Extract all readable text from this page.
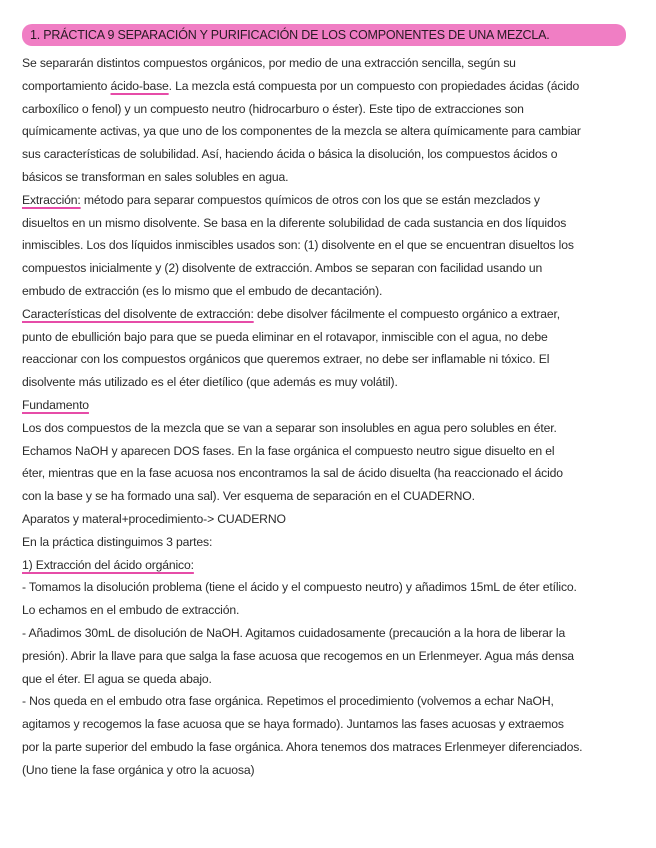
1. PRÁCTICA 9 SEPARACIÓN Y PURIFICACIÓN DE LOS COMPONENTES DE UNA MEZCLA.
Se separarán distintos compuestos orgánicos, por medio de una extracción sencilla, según su
comportamiento ácido-base. La mezcla está compuesta por un compuesto con propiedades ácidas (ácido
carboxílico o fenol) y un compuesto neutro (hidrocarburo o éster). Este tipo de extracciones son
químicamente activas, ya que uno de los componentes de la mezcla se altera químicamente para cambiar
sus características de solubilidad. Así, haciendo ácida o básica la disolución, los compuestos ácidos o
básicos se transforman en sales solubles en agua.
Extracción: método para separar compuestos químicos de otros con los que se están mezclados y
disueltos en un mismo disolvente. Se basa en la diferente solubilidad de cada sustancia en dos líquidos
inmiscibles. Los dos líquidos inmiscibles usados son: (1) disolvente en el que se encuentran disueltos los
compuestos inicialmente y (2) disolvente de extracción. Ambos se separan con facilidad usando un
embudo de extracción (es lo mismo que el embudo de decantación).
Características del disolvente de extracción: debe disolver fácilmente el compuesto orgánico a extraer,
punto de ebullición bajo para que se pueda eliminar en el rotavapor, inmiscible con el agua, no debe
reaccionar con los compuestos orgánicos que queremos extraer, no debe ser inflamable ni tóxico. El
disolvente más utilizado es el éter dietílico (que además es muy volátil).
Fundamento
Los dos compuestos de la mezcla que se van a separar son insolubles en agua pero solubles en éter.
Echamos NaOH y aparecen DOS fases. En la fase orgánica el compuesto neutro sigue disuelto en el
éter, mientras que en la fase acuosa nos encontramos la sal de ácido disuelta (ha reaccionado el ácido
con la base y se ha formado una sal). Ver esquema de separación en el CUADERNO.
Aparatos y materal+procedimiento-> CUADERNO
En la práctica distinguimos 3 partes:
1) Extracción del ácido orgánico:
- Tomamos la disolución problema (tiene el ácido y el compuesto neutro) y añadimos 15mL de éter etílico.
Lo echamos en el embudo de extracción.
- Añadimos 30mL de disolución de NaOH. Agitamos cuidadosamente (precaución a la hora de liberar la
presión). Abrir la llave para que salga la fase acuosa que recogemos en un Erlenmeyer. Agua más densa
que el éter. El agua se queda abajo.
- Nos queda en el embudo otra fase orgánica. Repetimos el procedimiento (volvemos a echar NaOH,
agitamos y recogemos la fase acuosa que se haya formado). Juntamos las fases acuosas y extraemos
por la parte superior del embudo la fase orgánica. Ahora tenemos dos matraces Erlenmeyer diferenciados.
(Uno tiene la fase orgánica y otro la acuosa)
